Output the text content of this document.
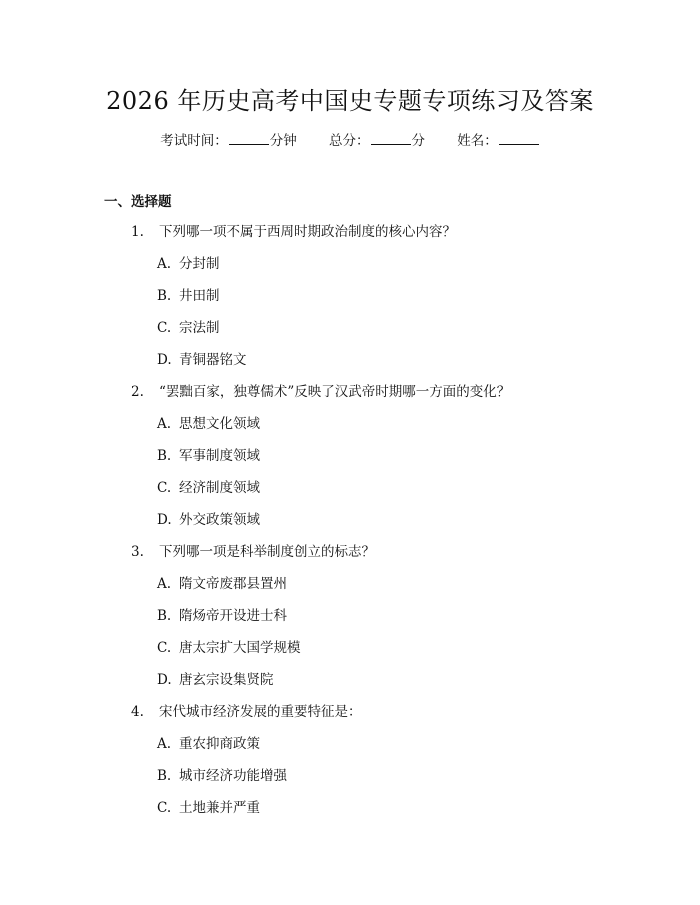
2026 年历史高考中国史专题专项练习及答案
考试时间：	分钟 总分：	分 姓名：
一、选择题
1. 下列哪一项不属于西周时期政治制度的核心内容？
A. 分封制
B. 井田制
C. 宗法制
D. 青铜器铭文
2. “罢黜百家，独尊儒术”反映了汉武帝时期哪一方面的变化？
A. 思想文化领域
B. 军事制度领域
C. 经济制度领域
D. 外交政策领域
3. 下列哪一项是科举制度创立的标志？
A. 隋文帝废郡县置州
B. 隋炀帝开设进士科
C. 唐太宗扩大国学规模
D. 唐玄宗设集贤院
4. 宋代城市经济发展的重要特征是：
A. 重农抑商政策
B. 城市经济功能增强
C. 土地兼并严重
